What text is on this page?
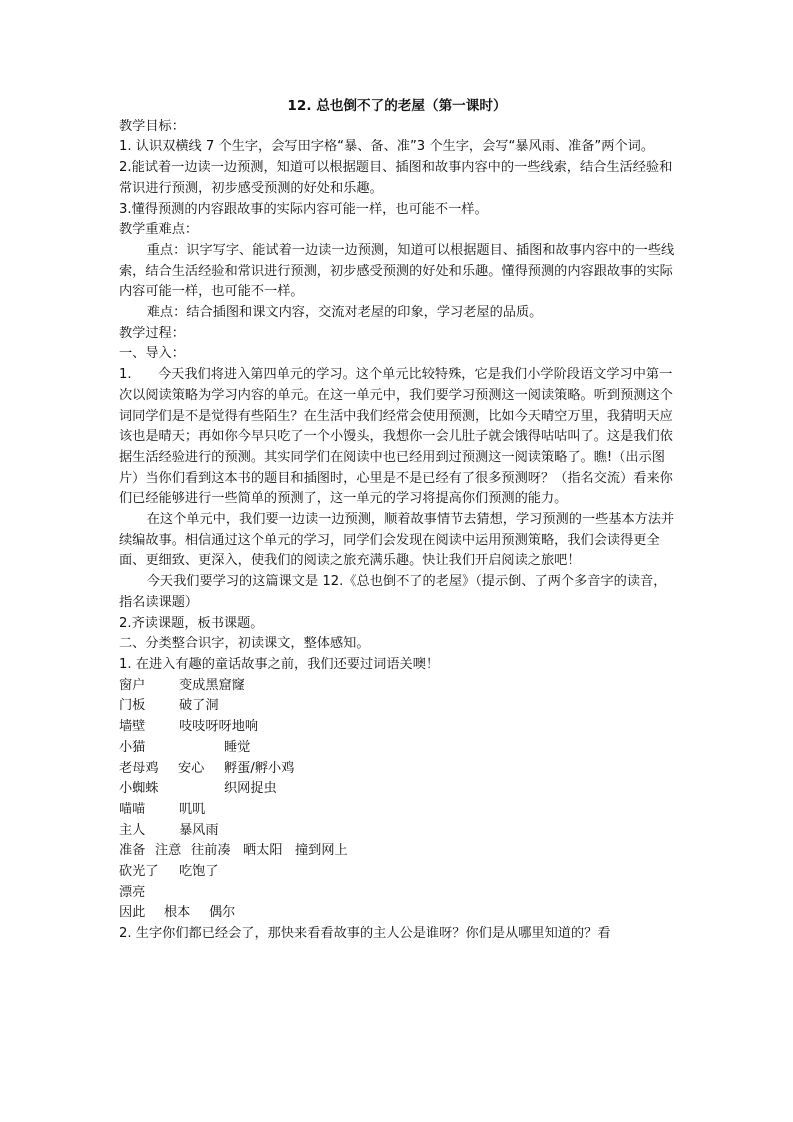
12. 总也倒不了的老屋（第一课时）

教学目标：

1. 认识双横线 7 个生字，会写田字格“暴、备、准”3 个生字，会写“暴风雨、准备”两个词。

2.能试着一边读一边预测，知道可以根据题目、插图和故事内容中的一些线索，结合生活经验和常识进行预测，初步感受预测的好处和乐趣。

3.懂得预测的内容跟故事的实际内容可能一样，也可能不一样。

教学重难点：

重点：识字写字、能试着一边读一边预测，知道可以根据题目、插图和故事内容中的一些线索，结合生活经验和常识进行预测，初步感受预测的好处和乐趣。懂得预测的内容跟故事的实际内容可能一样，也可能不一样。

难点：结合插图和课文内容，交流对老屋的印象，学习老屋的品质。

教学过程：

一、导入：

1.　　今天我们将进入第四单元的学习。这个单元比较特殊，它是我们小学阶段语文学习中第一次以阅读策略为学习内容的单元。在这一单元中，我们要学习预测这一阅读策略。听到预测这个词同学们是不是觉得有些陌生？在生活中我们经常会使用预测，比如今天晴空万里，我猜明天应该也是晴天；再如你今早只吃了一个小馒头，我想你一会儿肚子就会饿得咕咕叫了。这是我们依据生活经验进行的预测。其实同学们在阅读中也已经用到过预测这一阅读策略了。瞧!（出示图片）当你们看到这本书的题目和插图时，心里是不是已经有了很多预测呀？（指名交流）看来你们已经能够进行一些简单的预测了，这一单元的学习将提高你们预测的能力。

在这个单元中，我们要一边读一边预测，顺着故事情节去猜想，学习预测的一些基本方法并续编故事。相信通过这个单元的学习，同学们会发现在阅读中运用预测策略，我们会读得更全面、更细致、更深入，使我们的阅读之旅充满乐趣。快让我们开启阅读之旅吧！

今天我们要学习的这篇课文是 12.《总也倒不了的老屋》（提示倒、了两个多音字的读音，指名读课题）

2.齐读课题，板书课题。

二、分类整合识字，初读课文，整体感知。

1. 在进入有趣的童话故事之前，我们还要过词语关噢！

窗户	变成黑窟窿

门板	破了洞

墙壁	吱吱呀呀地响

小猫	睡觉

老母鸡 安心 孵蛋/孵小鸡

小蜘蛛	织网捉虫

喵喵	叽叽

主人	暴风雨

准备 注意 往前凑 晒太阳 撞到网上

砍光了 吃饱了

漂亮

因此 根本 偶尔

2. 生字你们都已经会了，那快来看看故事的主人公是谁呀？你们是从哪里知道的？看
